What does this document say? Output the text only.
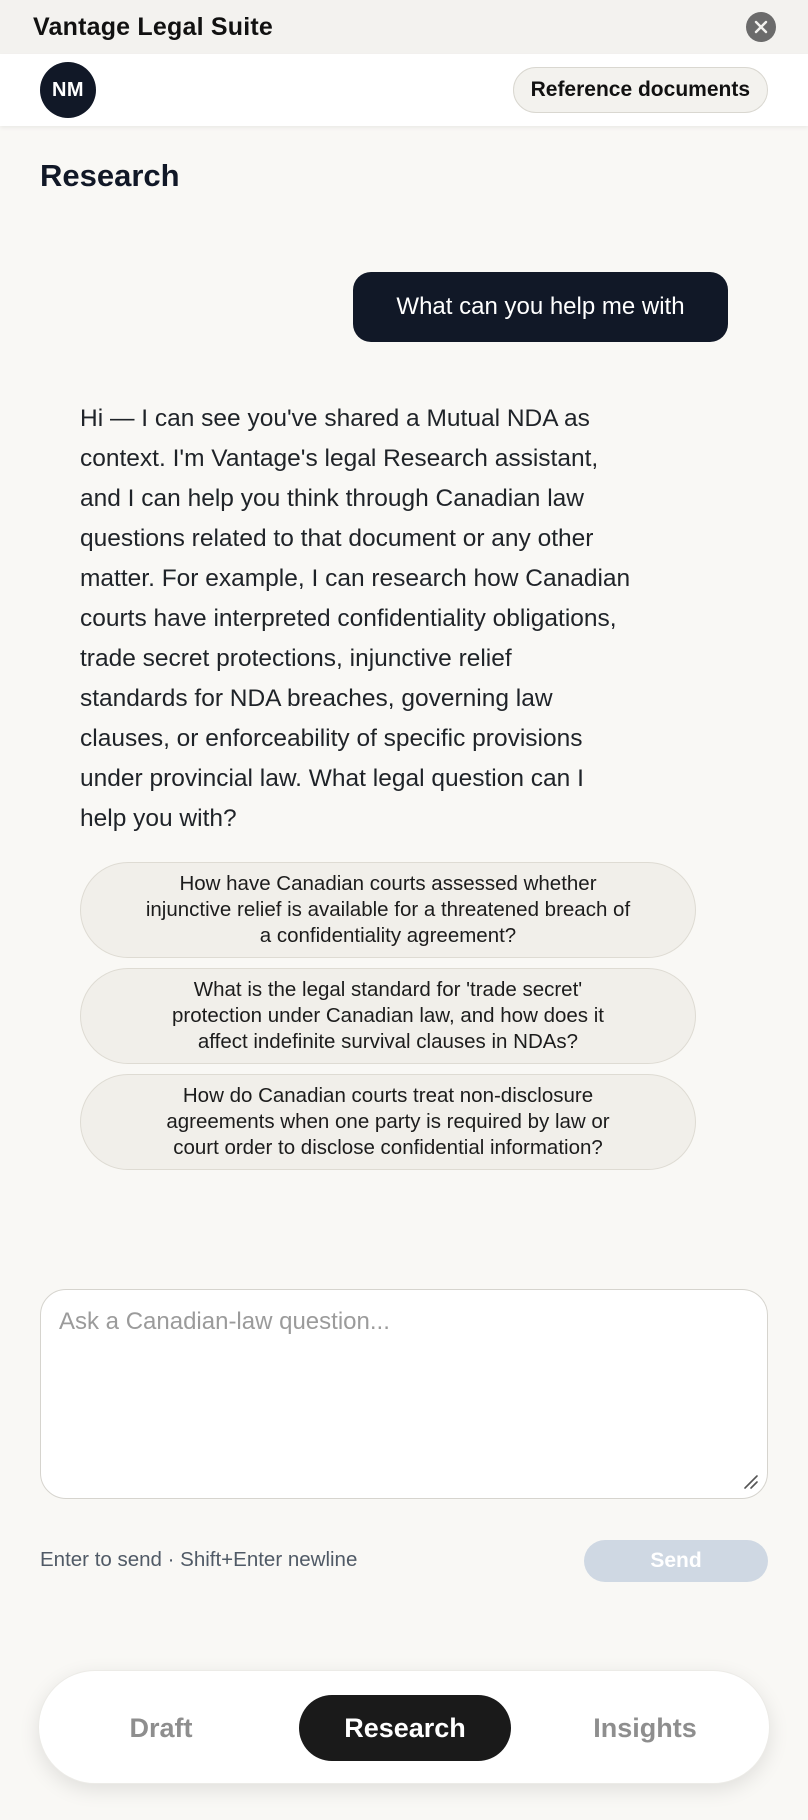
Vantage Legal Suite
NM	Reference documents
Research
What can you help me with
Hi — I can see you've shared a Mutual NDA as
context. I'm Vantage's legal Research assistant,
and I can help you think through Canadian law
questions related to that document or any other
matter. For example, I can research how Canadian
courts have interpreted confidentiality obligations,
trade secret protections, injunctive relief
standards for NDA breaches, governing law
clauses, or enforceability of specific provisions
under provincial law. What legal question can I
help you with?
How have Canadian courts assessed whether
injunctive relief is available for a threatened breach of
a confidentiality agreement?
What is the legal standard for 'trade secret'
protection under Canadian law, and how does it
affect indefinite survival clauses in NDAs?
How do Canadian courts treat non-disclosure
agreements when one party is required by law or
court order to disclose confidential information?
Ask a Canadian-law question...
Enter to send · Shift+Enter newline	Send
Draft	Research	Insights
